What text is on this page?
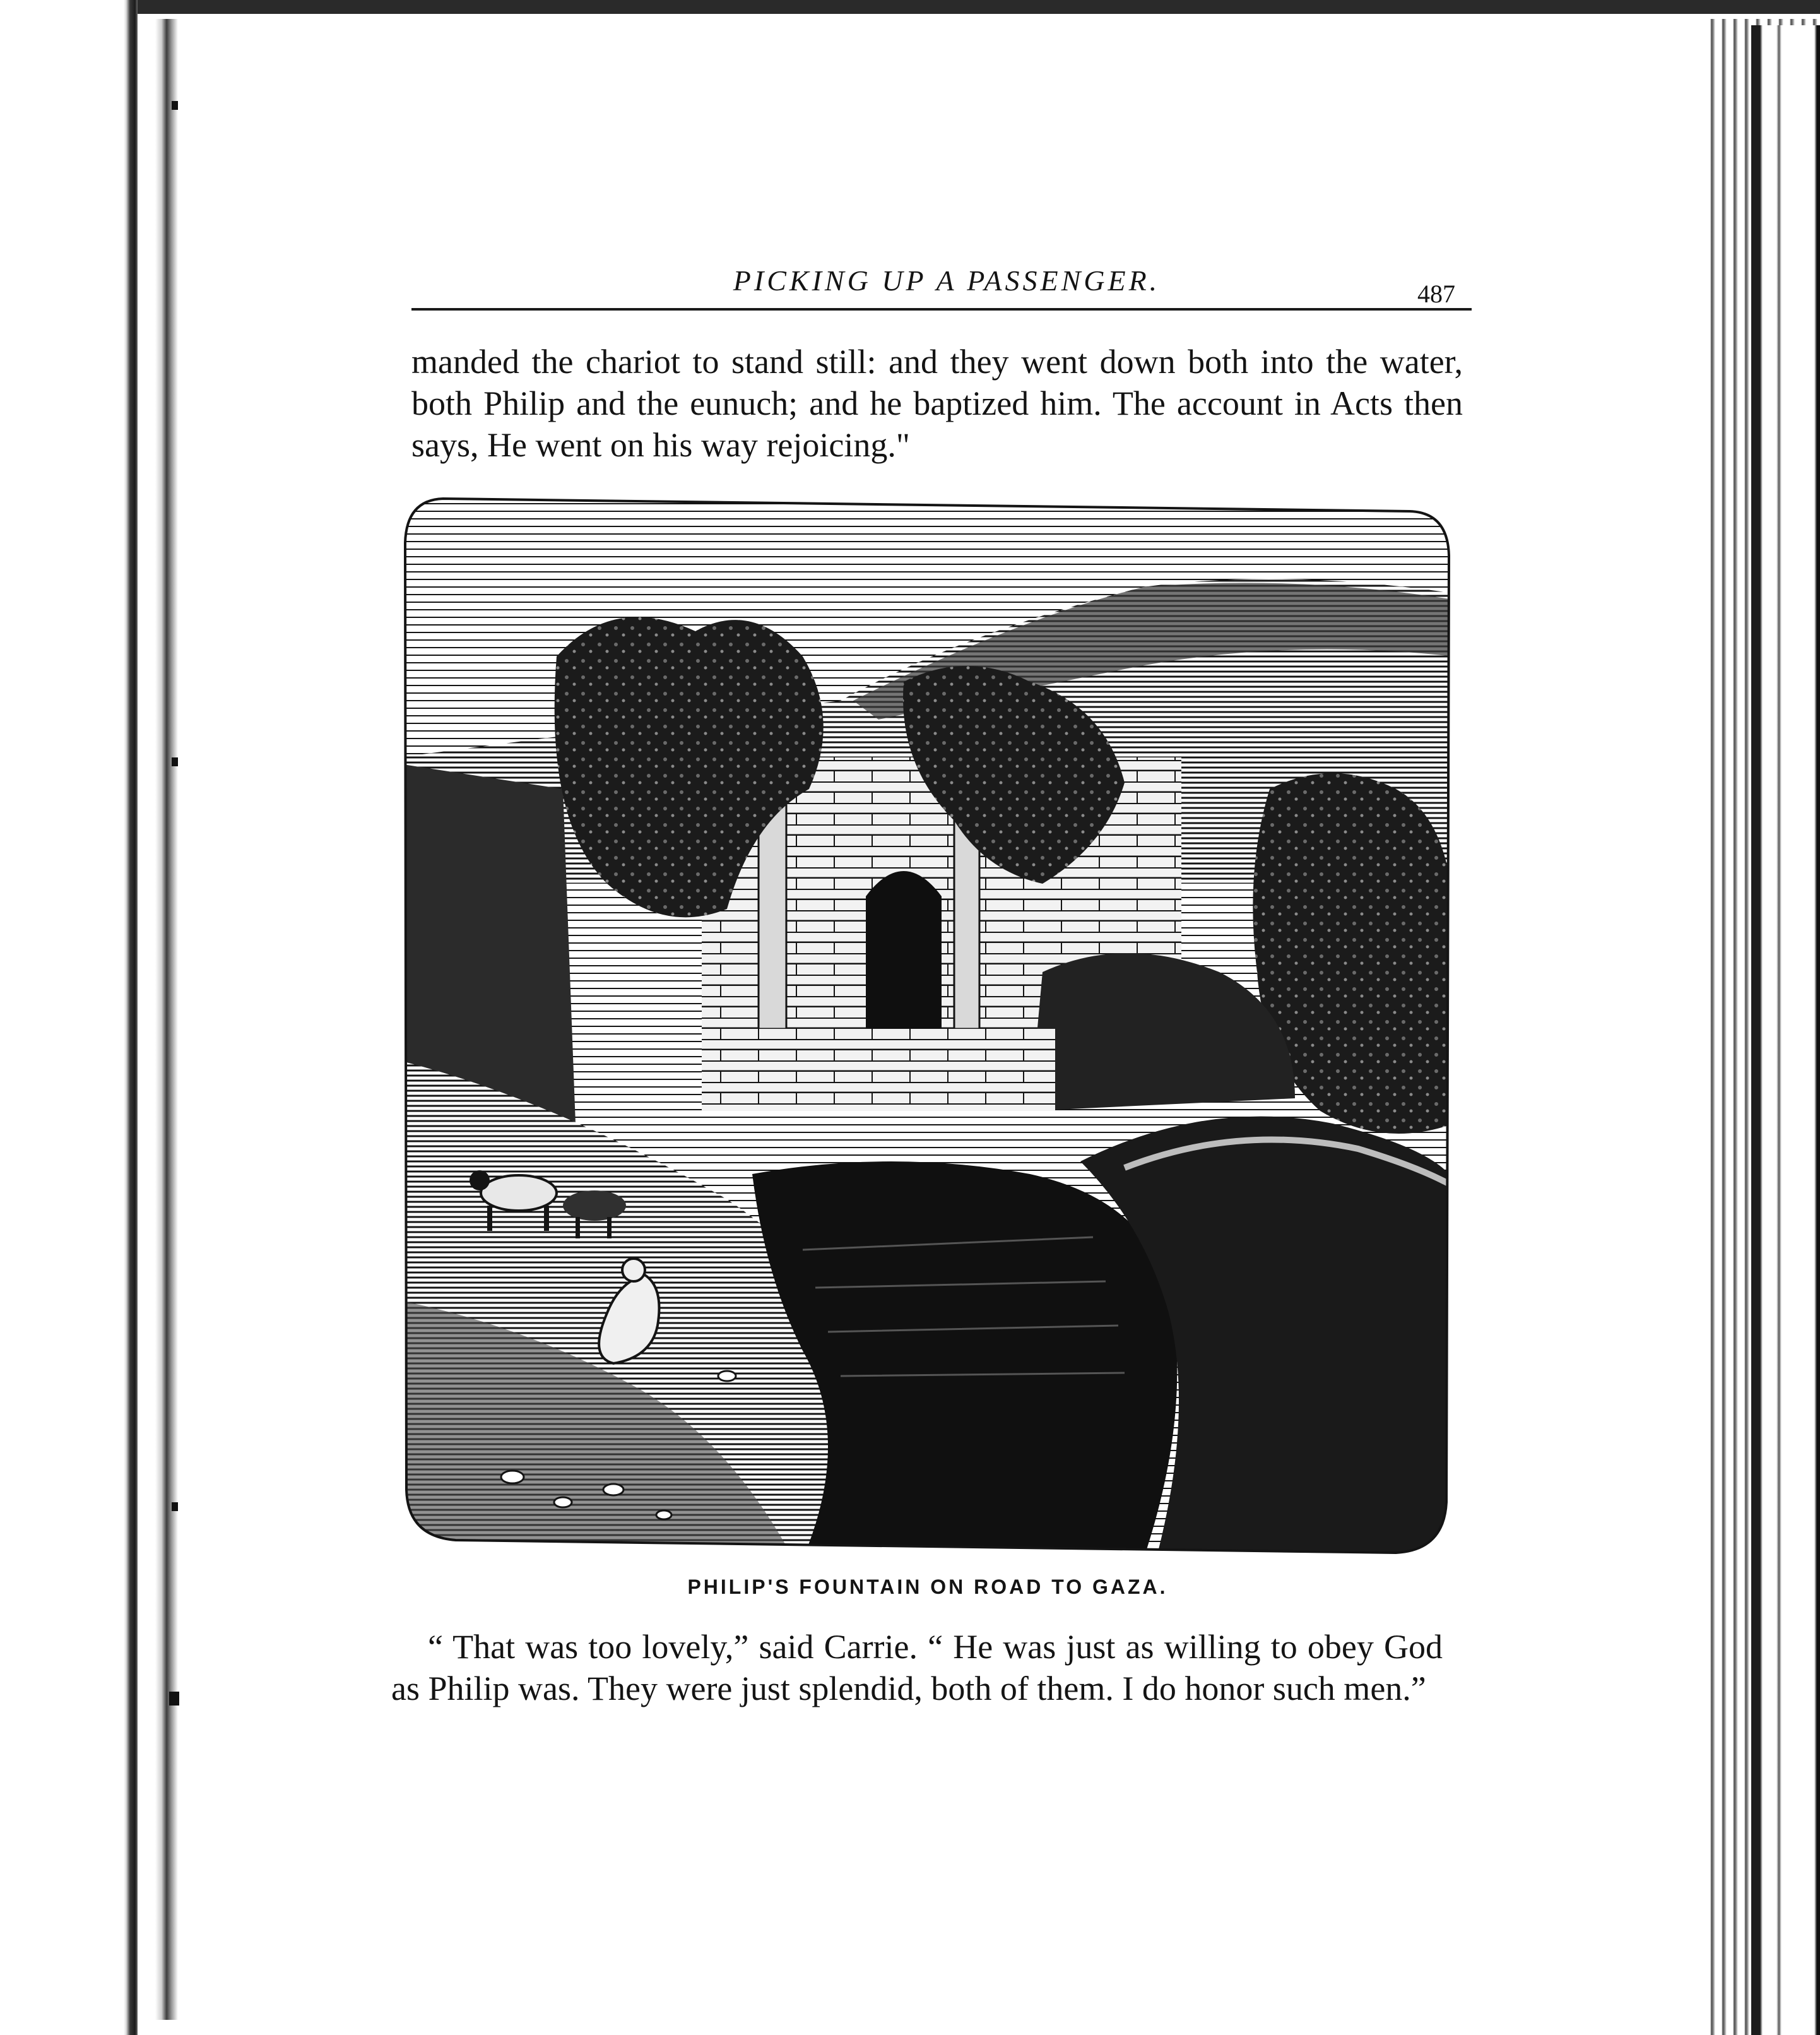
PICKING UP A PASSENGER.	487
manded the chariot to stand still: and they went down both into the water, both Philip and the eunuch; and he baptized him. The account in Acts then says, He went on his way rejoicing."
PHILIP'S FOUNTAIN ON ROAD TO GAZA.
“ That was too lovely,” said Carrie. “ He was just as willing to obey God as Philip was. They were just splendid, both of them. I do honor such men.”
